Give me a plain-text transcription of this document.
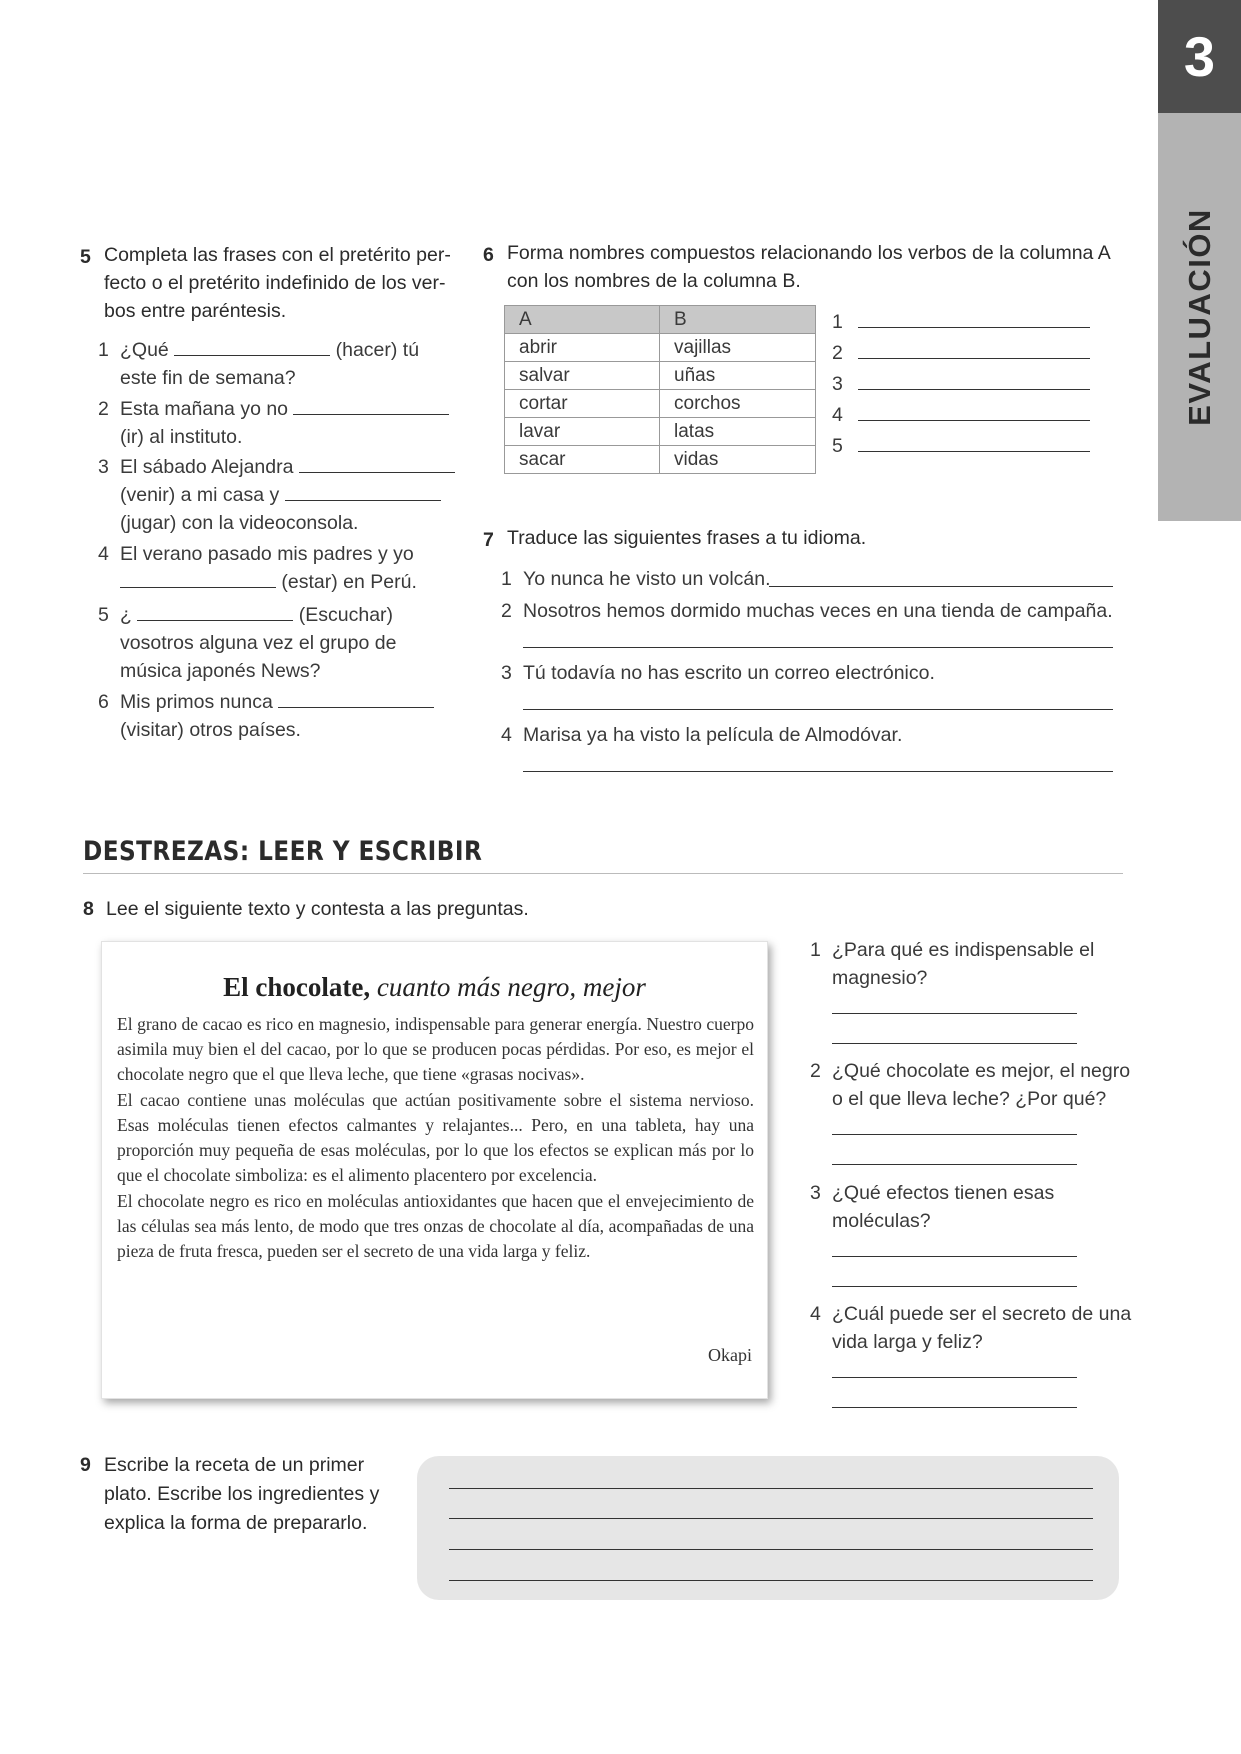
3
EVALUACIÓN
5 Completa las frases con el pretérito per-
fecto o el pretérito indefinido de los ver-
bos entre paréntesis.
1 ¿Qué	(hacer) tú
este fin de semana?
2 Esta mañana yo no
(ir) al instituto.
3 El sábado Alejandra
(venir) a mi casa y
(jugar) con la videoconsola.
4 El verano pasado mis padres y yo
(estar) en Perú.
5 ¿	(Escuchar)
vosotros alguna vez el grupo de
música japonés News?
6 Mis primos nunca
(visitar) otros países.
6 Forma nombres compuestos relacionando los verbos de la columna A
con los nombres de la columna B.
A	B
abrir	vajillas
salvar	uñas
cortar	corchos
lavar	latas
sacar	vidas
1
2
3
4
5
7 Traduce las siguientes frases a tu idioma.
1 Yo nunca he visto un volcán.
2 Nosotros hemos dormido muchas veces en una tienda de campaña.
3 Tú todavía no has escrito un correo electrónico.
4 Marisa ya ha visto la película de Almodóvar.
DESTREZAS: LEER Y ESCRIBIR
8 Lee el siguiente texto y contesta a las preguntas.
El chocolate, cuanto más negro, mejor

El grano de cacao es rico en magnesio, indispensable para generar energía. Nuestro cuerpo asimila muy bien el del cacao, por lo que se producen pocas pérdidas. Por eso, es mejor el chocolate negro que el que lleva leche, que tiene «grasas nocivas».

El cacao contiene unas moléculas que actúan positivamente sobre el sistema nervioso. Esas moléculas tienen efectos calmantes y relajantes... Pero, en una tableta, hay una proporción muy pequeña de esas moléculas, por lo que los efectos se explican más por lo que el chocolate simboliza: es el alimento placentero por excelencia.

El chocolate negro es rico en moléculas antioxidantes que hacen que el envejecimiento de las células sea más lento, de modo que tres onzas de chocolate al día, acompañadas de una pieza de fruta fresca, pueden ser el secreto de una vida larga y feliz.

Okapi
1 ¿Para qué es indispensable el
magnesio?
2 ¿Qué chocolate es mejor, el negro
o el que lleva leche? ¿Por qué?
3 ¿Qué efectos tienen esas
moléculas?
4 ¿Cuál puede ser el secreto de una
vida larga y feliz?
9 Escribe la receta de un primer
plato. Escribe los ingredientes y
explica la forma de prepararlo.
